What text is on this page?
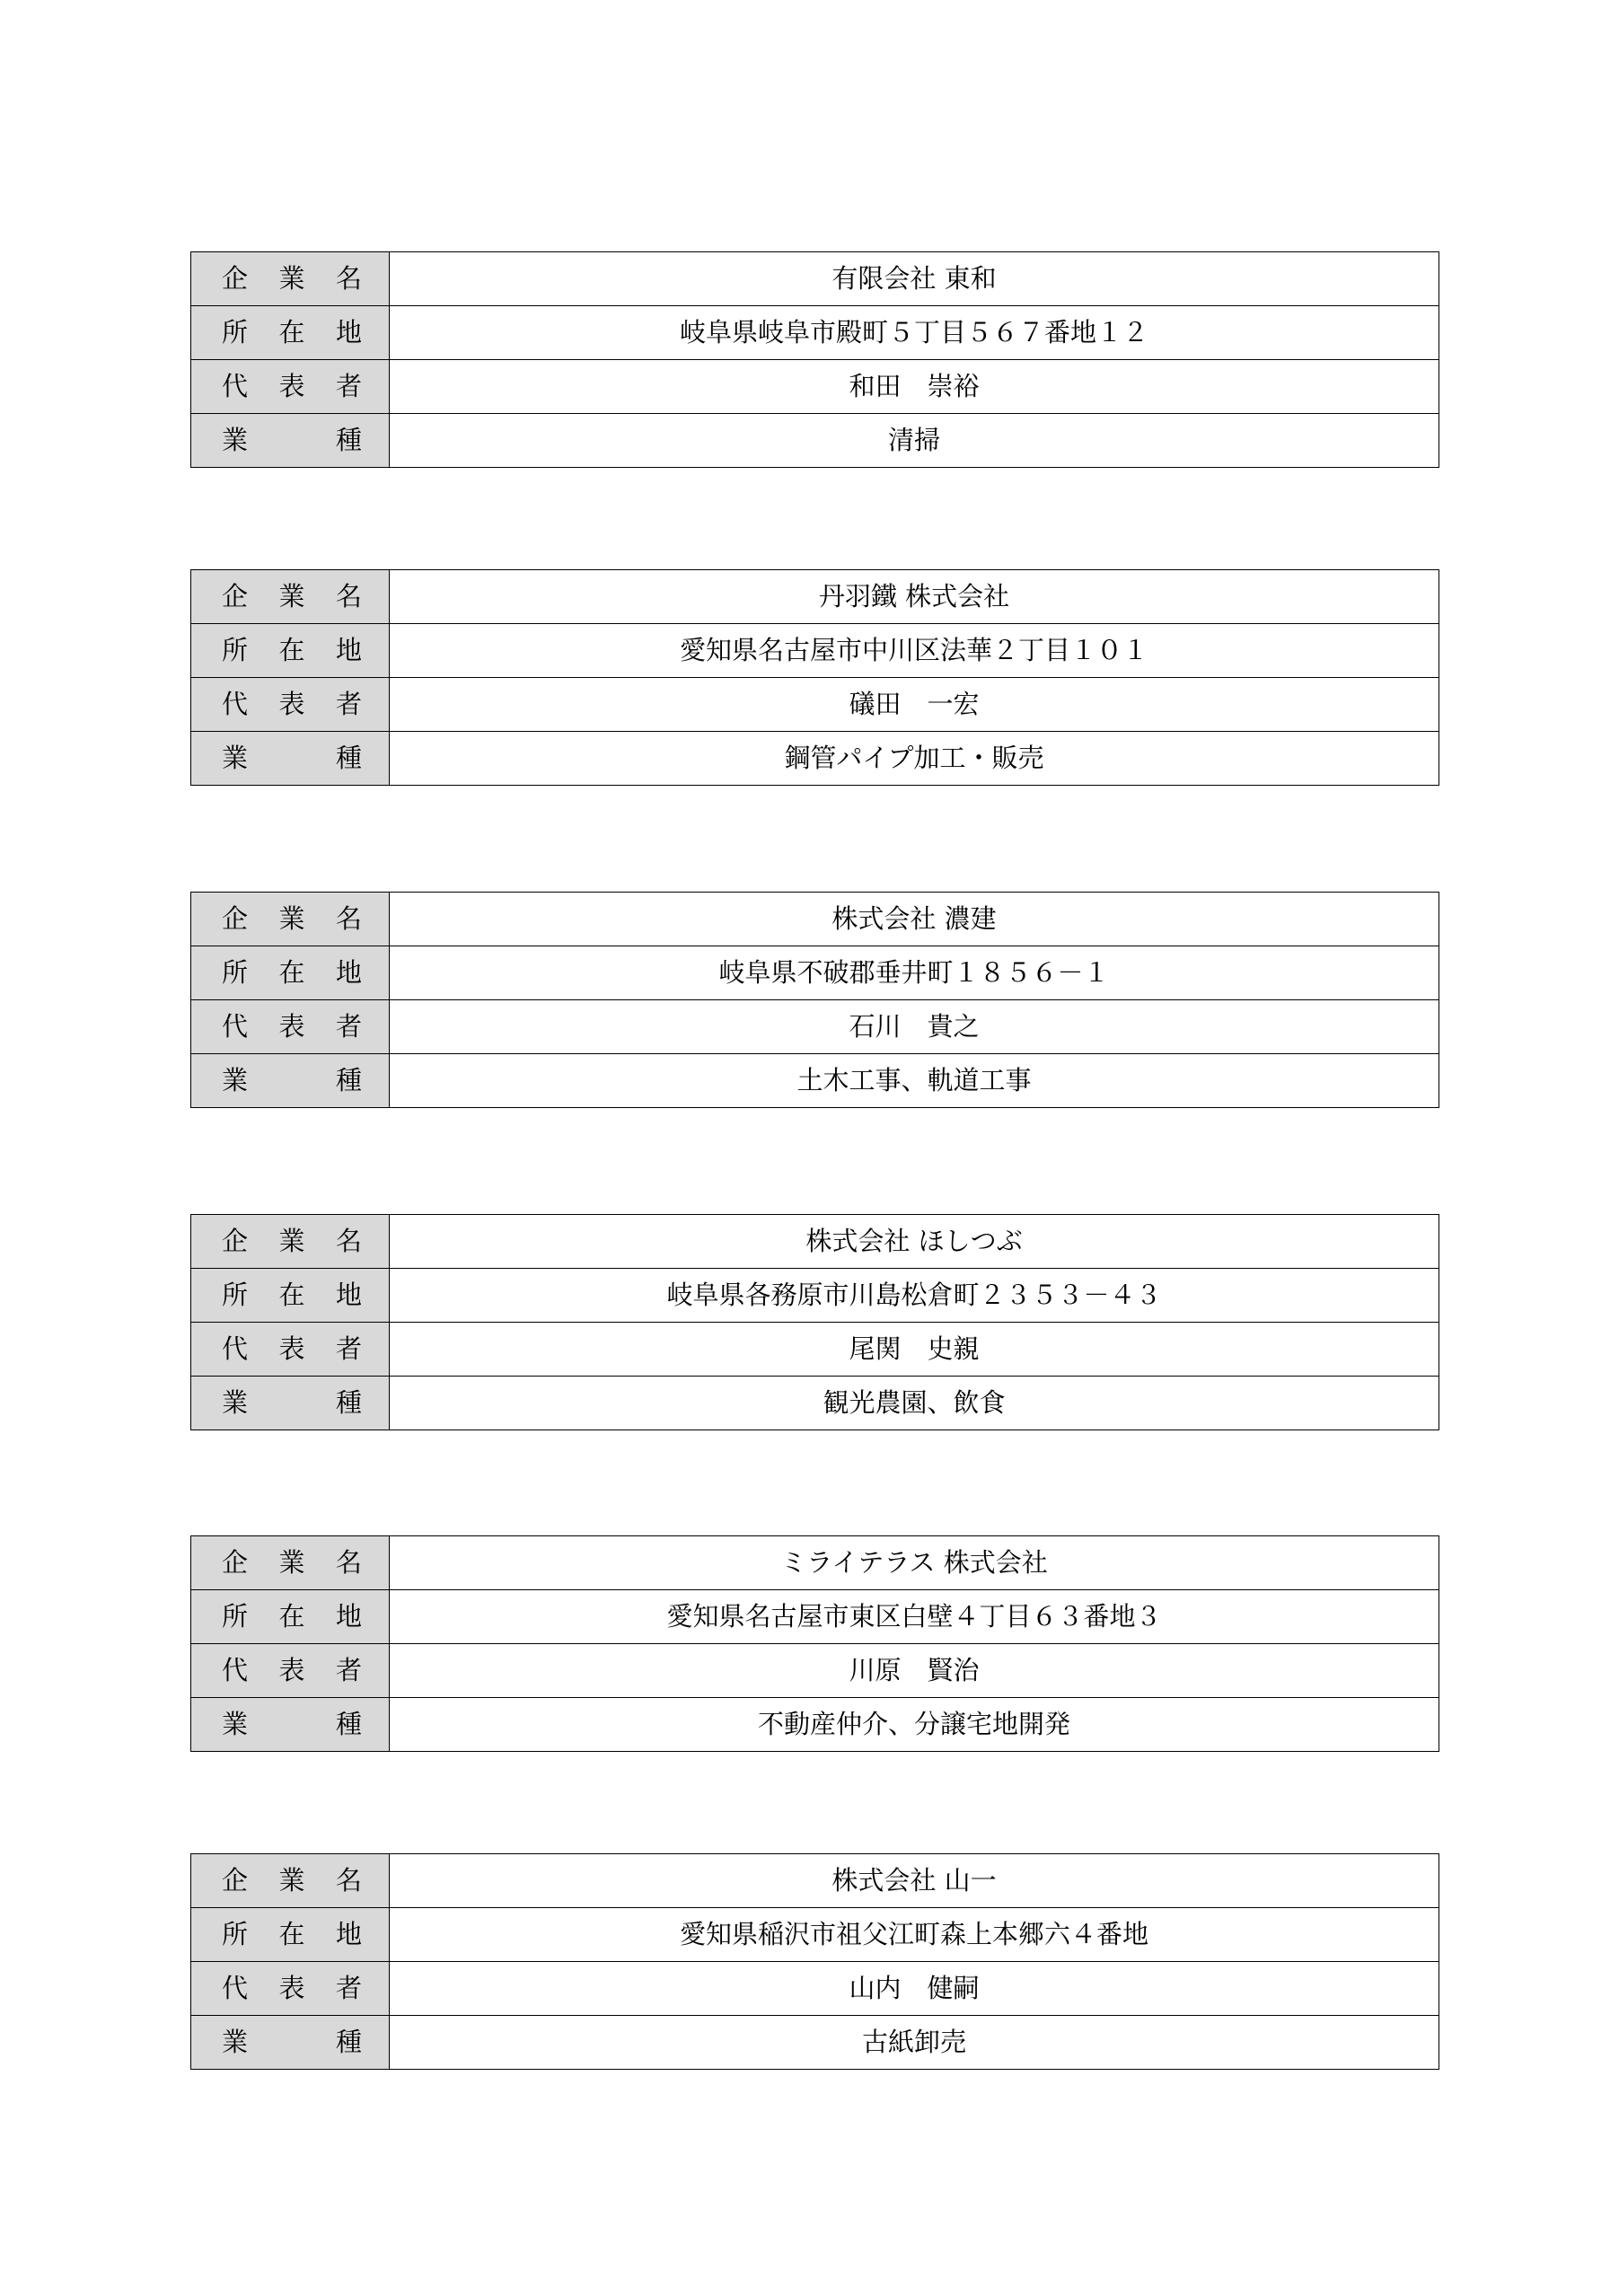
企 業 名	有限会社 東和

所 在 地	岐阜県岐阜市殿町５丁目５６７番地１２

代 表 者	和田　崇裕

業 種	清掃
企 業 名	丹羽鐵 株式会社

所 在 地	愛知県名古屋市中川区法華２丁目１０１

代 表 者	礒田　一宏

業 種	鋼管パイプ加工・販売
企 業 名	株式会社 濃建

所 在 地	岐阜県不破郡垂井町１８５６－１

代 表 者	石川　貴之

業 種	土木工事、軌道工事
企 業 名	株式会社 ほしつぶ

所 在 地	岐阜県各務原市川島松倉町２３５３－４３

代 表 者	尾関　史親

業 種	観光農園、飲食
企 業 名	ミライテラス 株式会社

所 在 地	愛知県名古屋市東区白壁４丁目６３番地３

代 表 者	川原　賢治

業 種	不動産仲介、分譲宅地開発
企 業 名	株式会社 山一

所 在 地	愛知県稲沢市祖父江町森上本郷六４番地

代 表 者	山内　健嗣

業 種	古紙卸売
